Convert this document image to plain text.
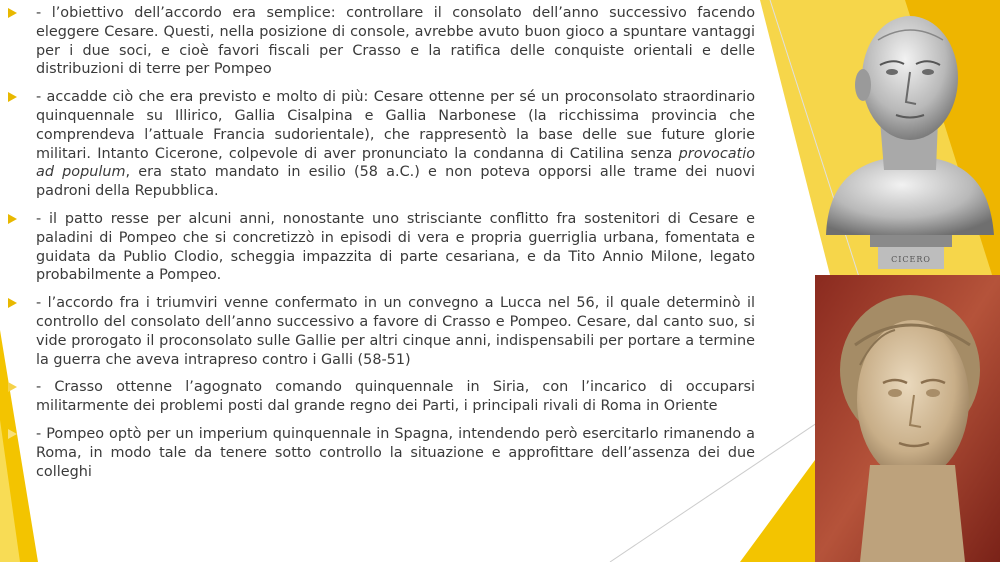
- l’obiettivo dell’accordo era semplice: controllare il consolato dell’anno successivo facendo eleggere Cesare. Questi, nella posizione di console, avrebbe avuto buon gioco a spuntare vantaggi per i due soci, e cioè favori fiscali per Crasso e la ratifica delle conquiste orientali e delle distribuzioni di terre per Pompeo
- accadde ciò che era previsto e molto di più: Cesare ottenne per sé un proconsolato straordinario quinquennale su Illirico, Gallia Cisalpina e Gallia Narbonese (la ricchissima provincia che comprendeva l’attuale Francia sudorientale), che rappresentò la base delle sue future glorie militari. Intanto Cicerone, colpevole di aver pronunciato la condanna di Catilina senza provocatio ad populum, era stato mandato in esilio (58 a.C.) e non poteva opporsi alle trame dei nuovi padroni della Repubblica.
- il patto resse per alcuni anni, nonostante uno strisciante conflitto fra sostenitori di Cesare e paladini di Pompeo che si concretizzò in episodi di vera e propria guerriglia urbana, fomentata e guidata da Publio Clodio, scheggia impazzita di parte cesariana, e da Tito Annio Milone, legato probabilmente a Pompeo.
- l’accordo fra i triumviri venne confermato in un convegno a Lucca nel 56, il quale determinò il controllo del consolato dell’anno successivo a favore di Crasso e Pompeo. Cesare, dal canto suo, si vide prorogato il proconsolato sulle Gallie per altri cinque anni, indispensabili per portare a termine la guerra che aveva intrapreso contro i Galli (58-51)
- Crasso ottenne l’agognato comando quinquennale in Siria, con l’incarico di occuparsi militarmente dei problemi posti dal grande regno dei Parti, i principali rivali di Roma in Oriente
- Pompeo optò per un imperium quinquennale in Spagna, intendendo però esercitarlo rimanendo a Roma, in modo tale da tenere sotto controllo la situazione e approfittare dell’assenza dei due colleghi
CICERO
